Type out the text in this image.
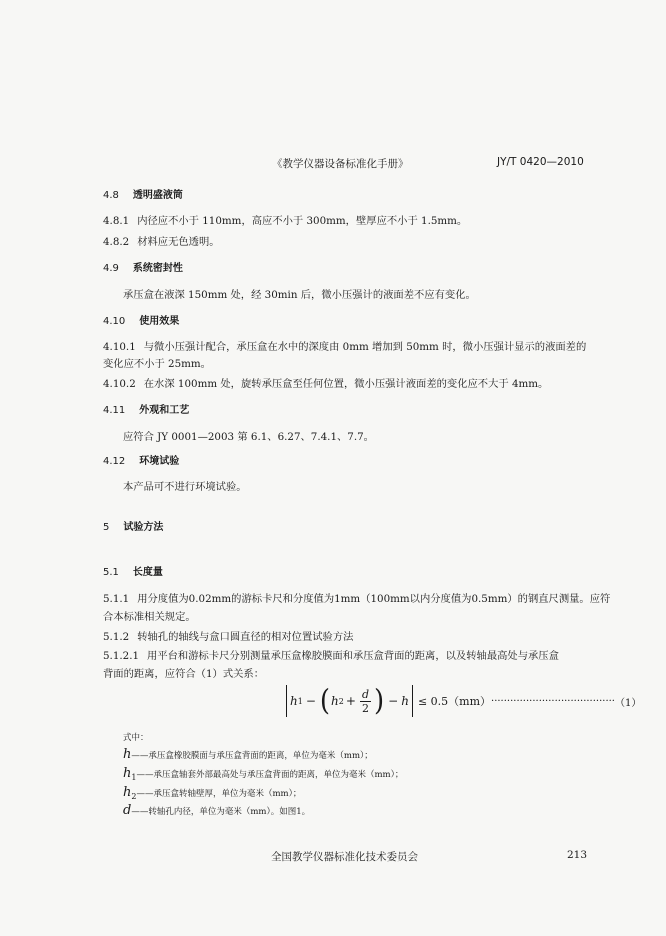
《教学仪器设备标准化手册》	JY/T 0420—2010
4.8 透明盛液筒
4.8.1 内径应不小于 110mm，高应不小于 300mm，壁厚应不小于 1.5mm。
4.8.2 材料应无色透明。
4.9 系统密封性
承压盒在液深 150mm 处，经 30min 后，微小压强计的液面差不应有变化。
4.10 使用效果
4.10.1 与微小压强计配合，承压盒在水中的深度由 0mm 增加到 50mm 时，微小压强计显示的液面差的
变化应不小于 25mm。
4.10.2 在水深 100mm 处，旋转承压盒至任何位置，微小压强计液面差的变化应不大于 4mm。
4.11 外观和工艺
应符合 JY 0001—2003 第 6.1、6.27、7.4.1、7.7。
4.12 环境试验
本产品可不进行环境试验。
5 试验方法
5.1 长度量
5.1.1 用分度值为0.02mm的游标卡尺和分度值为1mm（100mm以内分度值为0.5mm）的钢直尺测量。应符
合本标准相关规定。
5.1.2 转轴孔的轴线与盒口圆直径的相对位置试验方法
5.1.2.1 用平台和游标卡尺分别测量承压盒橡胶膜面和承压盒背面的距离，以及转轴最高处与承压盒
背面的距离，应符合（1）式关系：
h 1 − ( h $2 + \frac{d}{2}$ ) − h ≤ 0.5（mm） ······································· （1）
式中：
h——承压盒橡胶膜面与承压盒背面的距离，单位为毫米（mm）；
h1——承压盒轴套外部最高处与承压盒背面的距离，单位为毫米（mm）；
h2——承压盒转轴壁厚，单位为毫米（mm）；
d——转轴孔内径，单位为毫米（mm）。如图1。
全国教学仪器标准化技术委员会	213
